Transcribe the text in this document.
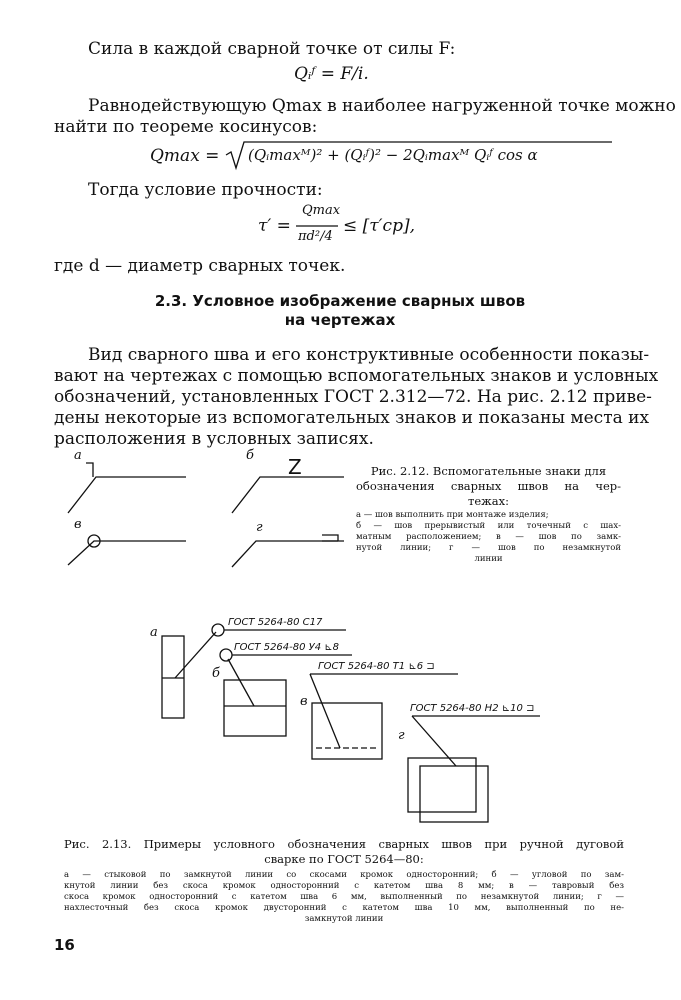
Сила в каждой сварной точке от силы F:
Qᵢᶠ = F/i.
Равнодействующую Qmax в наиболее нагруженной точке можно
найти по теореме косинусов:
Qmax = (Qᵢmaxᴹ)² + (Qᵢᶠ)² − 2Qᵢmaxᴹ Qᵢᶠ cos α
Тогда условие прочности:
τ′ =
Qmax
πd²/4
≤ [τ′ср],
где d — диаметр сварных точек.
2.3. Условное изображение сварных швов
на чертежах
Вид сварного шва и его конструктивные особенности показы-
вают на чертежах с помощью вспомогательных знаков и условных
обозначений, установленных ГОСТ 2.312—72. На рис. 2.12 приве-
дены некоторые из вспомогательных знаков и показаны места их
расположения в условных записях.
а	б
в	г
Z	Рис. 2.12. Вспомогательные знаки для
обозначения сварных швов на чер-
тежах:
а — шов выполнить при монтаже изделия;
б — шов прерывистый или точечный с шах-
матным расположением; в — шов по замк-
нутой линии; г — шов по незамкнутой
линии
ГОСТ 5264-80 С17
ГОСТ 5264-80 У4 ⊾8
ГОСТ 5264-80 Т1 ⊾6 ⊐
ГОСТ 5264-80 Н2 ⊾10 ⊐
а
б
в
г
Рис. 2.13. Примеры условного обозначения сварных швов при ручной дуговой
сварке по ГОСТ 5264—80:
а — стыковой по замкнутой линии со скосами кромок односторонний; б — угловой по зам-
кнутой линии без скоса кромок односторонний с катетом шва 8 мм; в — тавровый без
скоса кромок односторонний с катетом шва 6 мм, выполненный по незамкнутой линии; г —
нахлесточный без скоса кромок двусторонний с катетом шва 10 мм, выполненный по не-
замкнутой линии
16
